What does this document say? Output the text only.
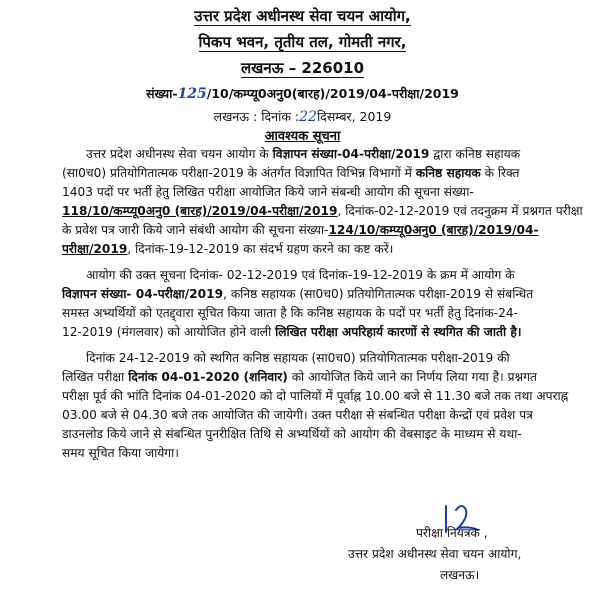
उत्तर प्रदेश अधीनस्थ सेवा चयन आयोग,
पिकप भवन, तृतीय तल, गोमती नगर,
लखनऊ – 226010
संख्या-125/10/कम्प्यू0अनु0(बारह)/2019/04-परीक्षा/2019
लखनऊ : दिनांक :22दिसम्बर, 2019
आवश्यक सूचना
उत्तर प्रदेश अधीनस्थ सेवा चयन आयोग के विज्ञापन संख्या-04-परीक्षा/2019 द्वारा कनिष्ठ सहायक
(सा0च0) प्रतियोगितात्मक परीक्षा-2019 के अंतर्गत विज्ञापित विभिन्न विभागों में कनिष्ठ सहायक के रिक्त
1403 पदों पर भर्ती हेतु लिखित परीक्षा आयोजित किये जाने संबन्धी आयोग की सूचना संख्या-
118/10/कम्प्यू0अनु0 (बारह)/2019/04-परीक्षा/2019, दिनांक-02-12-2019 एवं तदनुक्रम में प्रश्नगत परीक्षा
के प्रवेश पत्र जारी किये जाने संबंधी आयोग की सूचना संख्या-124/10/कम्प्यू0अनु0 (बारह)/2019/04-
परीक्षा/2019, दिनांक-19-12-2019 का संदर्भ ग्रहण करने का कष्ट करें।
आयोग की उक्त सूचना दिनांक- 02-12-2019 एवं दिनांक-19-12-2019 के क्रम में आयोग के
विज्ञापन संख्या- 04-परीक्षा/2019, कनिष्ठ सहायक (सा0च0) प्रतियोगितात्मक परीक्षा-2019 से संबन्धित
समस्त अभ्यर्थियों को एतद्द्वारा सूचित किया जाता है कि कनिष्ठ सहायक के पदों पर भर्ती हेतु दिनांक-24-
12-2019 (मंगलवार) को आयोजित होने वाली लिखित परीक्षा अपरिहार्य कारणों से स्थगित की जाती है।
दिनांक 24-12-2019 को स्थगित कनिष्ठ सहायक (सा0च0) प्रतियोगितात्मक परीक्षा-2019 की
लिखित परीक्षा दिनांक 04-01-2020 (शनिवार) को आयोजित किये जाने का निर्णय लिया गया है। प्रश्नगत
परीक्षा पूर्व की भांति दिनांक 04-01-2020 को दो पालियों में पूर्वाह्न 10.00 बजे से 11.30 बजे तक तथा अपराह्न
03.00 बजे से 04.30 बजे तक आयोजित की जायेगी। उक्त परीक्षा से संबन्धित परीक्षा केन्द्रों एवं प्रवेश पत्र
डाउनलोड किये जाने से संबन्धित पुनरीक्षित तिथि से अभ्यर्थियों को आयोग की वेबसाइट के माध्यम से यथा-
समय सूचित किया जायेगा।
परीक्षा नियंत्रक ,
उत्तर प्रदेश अधीनस्थ सेवा चयन आयोग,
लखनऊ।
